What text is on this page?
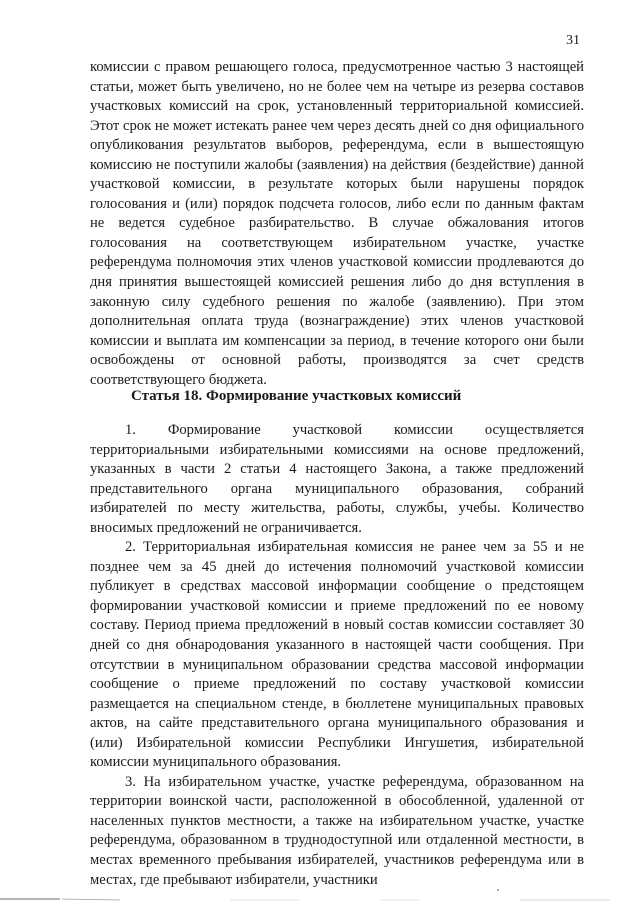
31

комиссии с правом решающего голоса, предусмотренное частью 3 настоящей статьи, может быть увеличено, но не более чем на четыре из резерва составов участковых комиссий на срок, установленный территориальной комиссией. Этот срок не может истекать ранее чем через десять дней со дня официального опубликования результатов выборов, референдума, если в вышестоящую комиссию не поступили жалобы (заявления) на действия (бездействие) данной участковой комиссии, в результате которых были нарушены порядок голосования и (или) порядок подсчета голосов, либо если по данным фактам не ведется судебное разбирательство. В случае обжалования итогов голосования на соответствующем избирательном участке, участке референдума полномочия этих членов участковой комиссии продлеваются до дня принятия вышестоящей комиссией решения либо до дня вступления в законную силу судебного решения по жалобе (заявлению). При этом дополнительная оплата труда (вознаграждение) этих членов участковой комиссии и выплата им компенсации за период, в течение которого они были освобождены от основной работы, производятся за счет средств соответствующего бюджета.

Статья 18. Формирование участковых комиссий

1. Формирование участковой комиссии осуществляется территориальными избирательными комиссиями на основе предложений, указанных в части 2 статьи 4 настоящего Закона, а также предложений представительного органа муниципального образования, собраний избирателей по месту жительства, работы, службы, учебы. Количество вносимых предложений не ограничивается.

2. Территориальная избирательная комиссия не ранее чем за 55 и не позднее чем за 45 дней до истечения полномочий участковой комиссии публикует в средствах массовой информации сообщение о предстоящем формировании участковой комиссии и приеме предложений по ее новому составу. Период приема предложений в новый состав комиссии составляет 30 дней со дня обнародования указанного в настоящей части сообщения. При отсутствии в муниципальном образовании средства массовой информации сообщение о приеме предложений по составу участковой комиссии размещается на специальном стенде, в бюллетене муниципальных правовых актов, на сайте представительного органа муниципального образования и (или) Избирательной комиссии Республики Ингушетия, избирательной комиссии муниципального образования.

3. На избирательном участке, участке референдума, образованном на территории воинской части, расположенной в обособленной, удаленной от населенных пунктов местности, а также на избирательном участке, участке референдума, образованном в труднодоступной или отдаленной местности, в местах временного пребывания избирателей, участников референдума или в местах, где пребывают избиратели, участники
